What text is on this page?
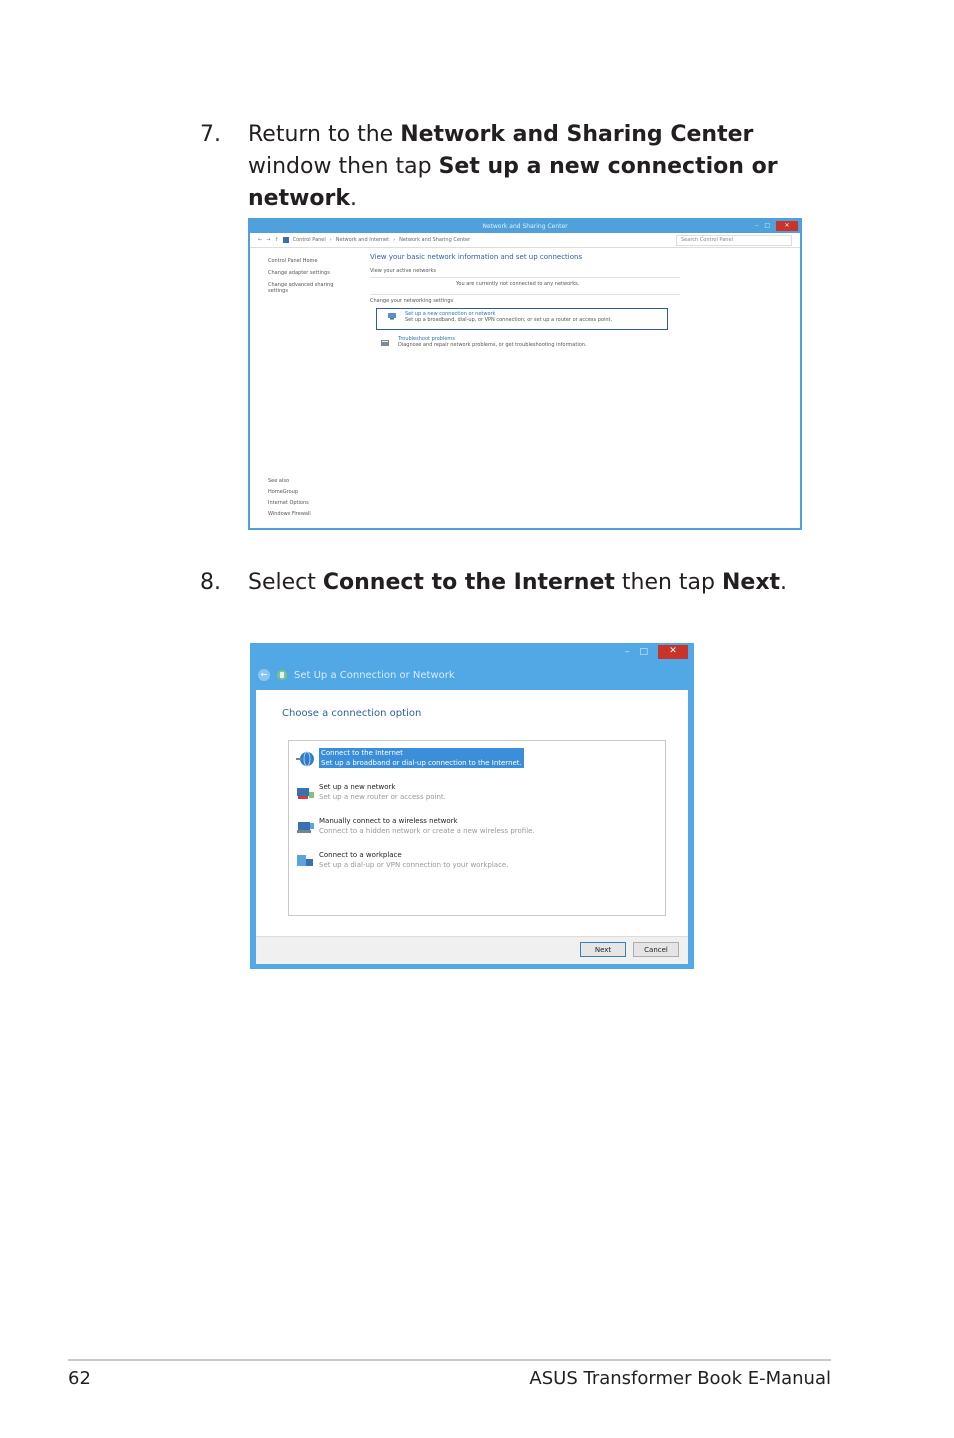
7. Return to the Network and Sharing Center window then tap Set up a new connection or network.
Network and Sharing Center	– □	✕
← → ↑	Control Panel › Network and Internet › Network and Sharing Center	Search Control Panel
Control Panel Home
Change adapter settings
Change advanced sharing settings
See also
HomeGroup
Internet Options
Windows Firewall
View your basic network information and set up connections
View your active networks
You are currently not connected to any networks.
Change your networking settings
Set up a new connection or network
Set up a broadband, dial-up, or VPN connection; or set up a router or access point.
Troubleshoot problems
Diagnose and repair network problems, or get troubleshooting information.
8. Select Connect to the Internet then tap Next.
– □	✕
←	Set Up a Connection or Network
Choose a connection option
Connect to the Internet
Set up a broadband or dial-up connection to the Internet.
Set up a new network
Set up a new router or access point.
Manually connect to a wireless network
Connect to a hidden network or create a new wireless profile.
Connect to a workplace
Set up a dial-up or VPN connection to your workplace.
Next	Cancel
62	ASUS Transformer Book E-Manual
